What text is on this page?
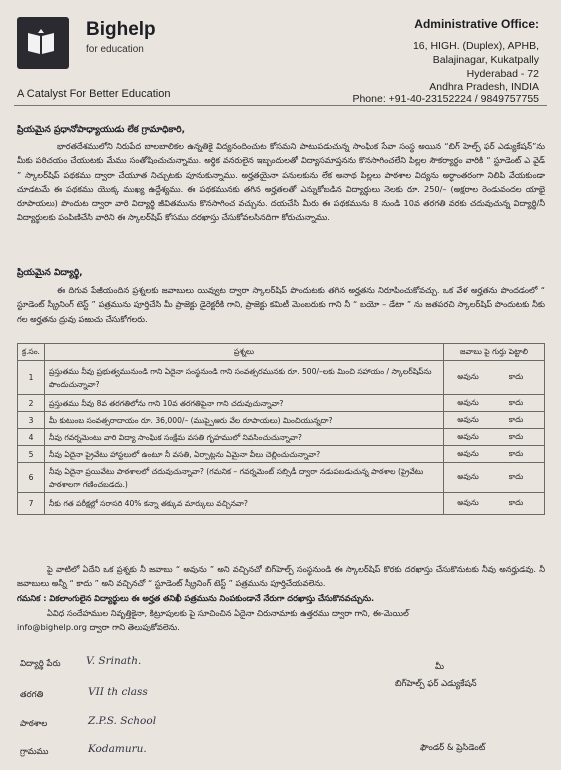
Bighelp
for education
A Catalyst For Better Education
Administrative Office:
16, HIGH. (Duplex), APHB,
Balajinagar, Kukatpally
Hyderabad - 72
Andhra Pradesh, INDIA
Phone: +91-40-23152224 / 9849757755
ప్రియమైన ప్రధానోపాధ్యాయుడు లేక గ్రామాధికారి,
భారతదేశములోని నిరుపేద బాలబాలికల ఉన్నతికై విద్యనందించుట కోసమని పాటుపడుచున్న సాంఘిక సేవా సంస్థ అయిన “బిగ్ హెల్ప్ ఫర్ ఎడ్యుకేషన్”ను మీకు పరిచయం చేయుటకు మేము సంతోషించుచున్నాము. అర్థిక వనరులైన ఇబ్బందులతో విద్యాసమాప్తనను కొనసాగించలేని పిల్లల సౌకర్యార్థం వారికి “ స్టూడెంట్ ఎ వైడ్ ” స్కాలర్‌షిప్ పథకము ద్వారా చేయూత నిచ్చుటకు పూనుకున్నాము. అర్హతయైనా పనులకును లేక అనాథ పిల్లలు పాఠశాల విద్యను అర్ధాంతరంగా నిలిపి వేయకుండా చూడటమే ఈ పథకము యొక్క ముఖ్య ఉద్దేశ్యము. ఈ పథకమునకు తగిన అర్హతలతో ఎన్నుకోబడిన విద్యార్థులు నెలకు రూ. 250/– (అక్షరాల రెండువందల యాభై రూపాయలు) పొందుట ద్వారా వారి విద్యార్థి జీవితమును కొనసాగించ వచ్చును. దయచేసి మీరు ఈ పథకమును 8 నుండి 10వ తరగతి వరకు చదువుచున్న విద్యార్థి/నీ విద్యార్థులకు పంపిణిచేసి వారిని ఈ స్కాలర్‌షిప్ కోసము దరఖాస్తు చేసుకోవలసినదిగా కోరుచున్నాము.
ప్రియమైన విద్యార్థి,
ఈ దిగువ పేజీయందిన ప్రశ్నలకు జవాబులు యివ్వుట ద్వారా స్కాలర్‌షిప్ పొందుటకు తగిన అర్హతను నిరూపించుకోవచ్చు. ఒక వేళ అర్హతను పొందడంలో “ స్టూడెంట్ స్క్రీనింగ్ టెస్ట్ ” పత్రమును పూర్తిచేసి మీ ప్రాజెక్టు డైరెక్టరీకి గాని, ప్రాజెక్టు కమిటీ మెంబరుకు గాని నీ “ బయో – డేటా ” ను జతపరచి స్కాలర్‌షిప్ పొందుటకు నీకు గల అర్హతను ద్రువు పఱుచు చేసుకోగలరు.
క్ర.సం.	ప్రశ్నలు	జవాబు పై గుర్తు పెట్టాలి
1	ప్రస్తుతము నీవు ప్రభుత్వమునుండి గాని ఏదైనా సంస్థనుండి గాని సంవత్సరమునకు రూ. 500/–లకు మించి సహాయం / స్కాలర్‌షిప్‌ను పొందుచున్నావా?	అవును కాదు
2	ప్రస్తుతము నీవు 8వ తరగతిలోను గాని 10వ తరగతిపైనా గాని చదువుచున్నావా?	అవును కాదు
3	మీ కుటుంబ సంవత్సరాదాయం రూ. 36,000/– (ముప్పైఆరు వేల రూపాయలు) మించియున్నదా?	అవును కాదు
4	నీవు గవర్నమెంటు వారి విద్యా సాంఘిక సంక్షేమ వసతి గృహములో నివసించుచున్నావా?	అవును కాదు
5	నీవు ఏదైనా ప్రైవేటు హాస్టలులో ఉంటూ నీ వసతి, ఏర్పాట్లను ఏమైనా వీలు చెల్లించుచున్నావా?	అవును కాదు
6	నీవు ఏదైనా ప్రయివేటు పాఠశాలలో చదువుచున్నావా? (గమనిక – గవర్నమెంట్ సబ్సిడీ ద్వారా నడుపబడుచున్న పాఠశాల (ప్రైవేటు పాఠశాలగా గణించబడదు.)	అవును కాదు
7	నీకు గత పరీక్షల్లో సరాసరి 40% కన్నా తక్కువ మార్కులు వచ్చినవా?	అవును కాదు
పై వాటిలో ఏదేని ఒక ప్రశ్నకు నీ జవాబు “ అవును ” అని వచ్చినచో బిగ్‌హెల్ప్ సంస్థనుండి ఈ స్కాలర్‌షిప్ కొరకు దరఖాస్తు చేసుకొనుటకు నీవు అనర్హుడవు. నీ జవాబులు అన్నీ “ కాదు ” అని వచ్చినచో “ స్టూడెంట్ స్క్రీనింగ్ టెస్ట్ ” పత్రమును పూర్తిచేయవలెను.
గమనిక : వికలాంగులైన విద్యార్థులు ఈ అర్హత తనిఖీ పత్రమును నింపకుండానే నేరుగా దరఖాస్తు చేసుకొనవచ్చును.
ఏవిధ సందేహముల నివృత్తికైనా, కిట్రూపులకు పై సూచించిన ఏదైనా చిరునామాకు ఉత్తరము ద్వారా గాని, ఈ-మెయిల్
info@bighelp.org ద్వారా గాని తెలుపుకోవలెను.
విద్యార్థి పేరు V. Srinath.
తరగతి	VII th class
పాఠశాల	Z.P.S. School
గ్రామము	Kodamuru.
మీ
బిగ్‌హెల్ప్ ఫర్ ఎడ్యుకేషన్
ఫౌండర్ & ప్రెసిడెంట్
